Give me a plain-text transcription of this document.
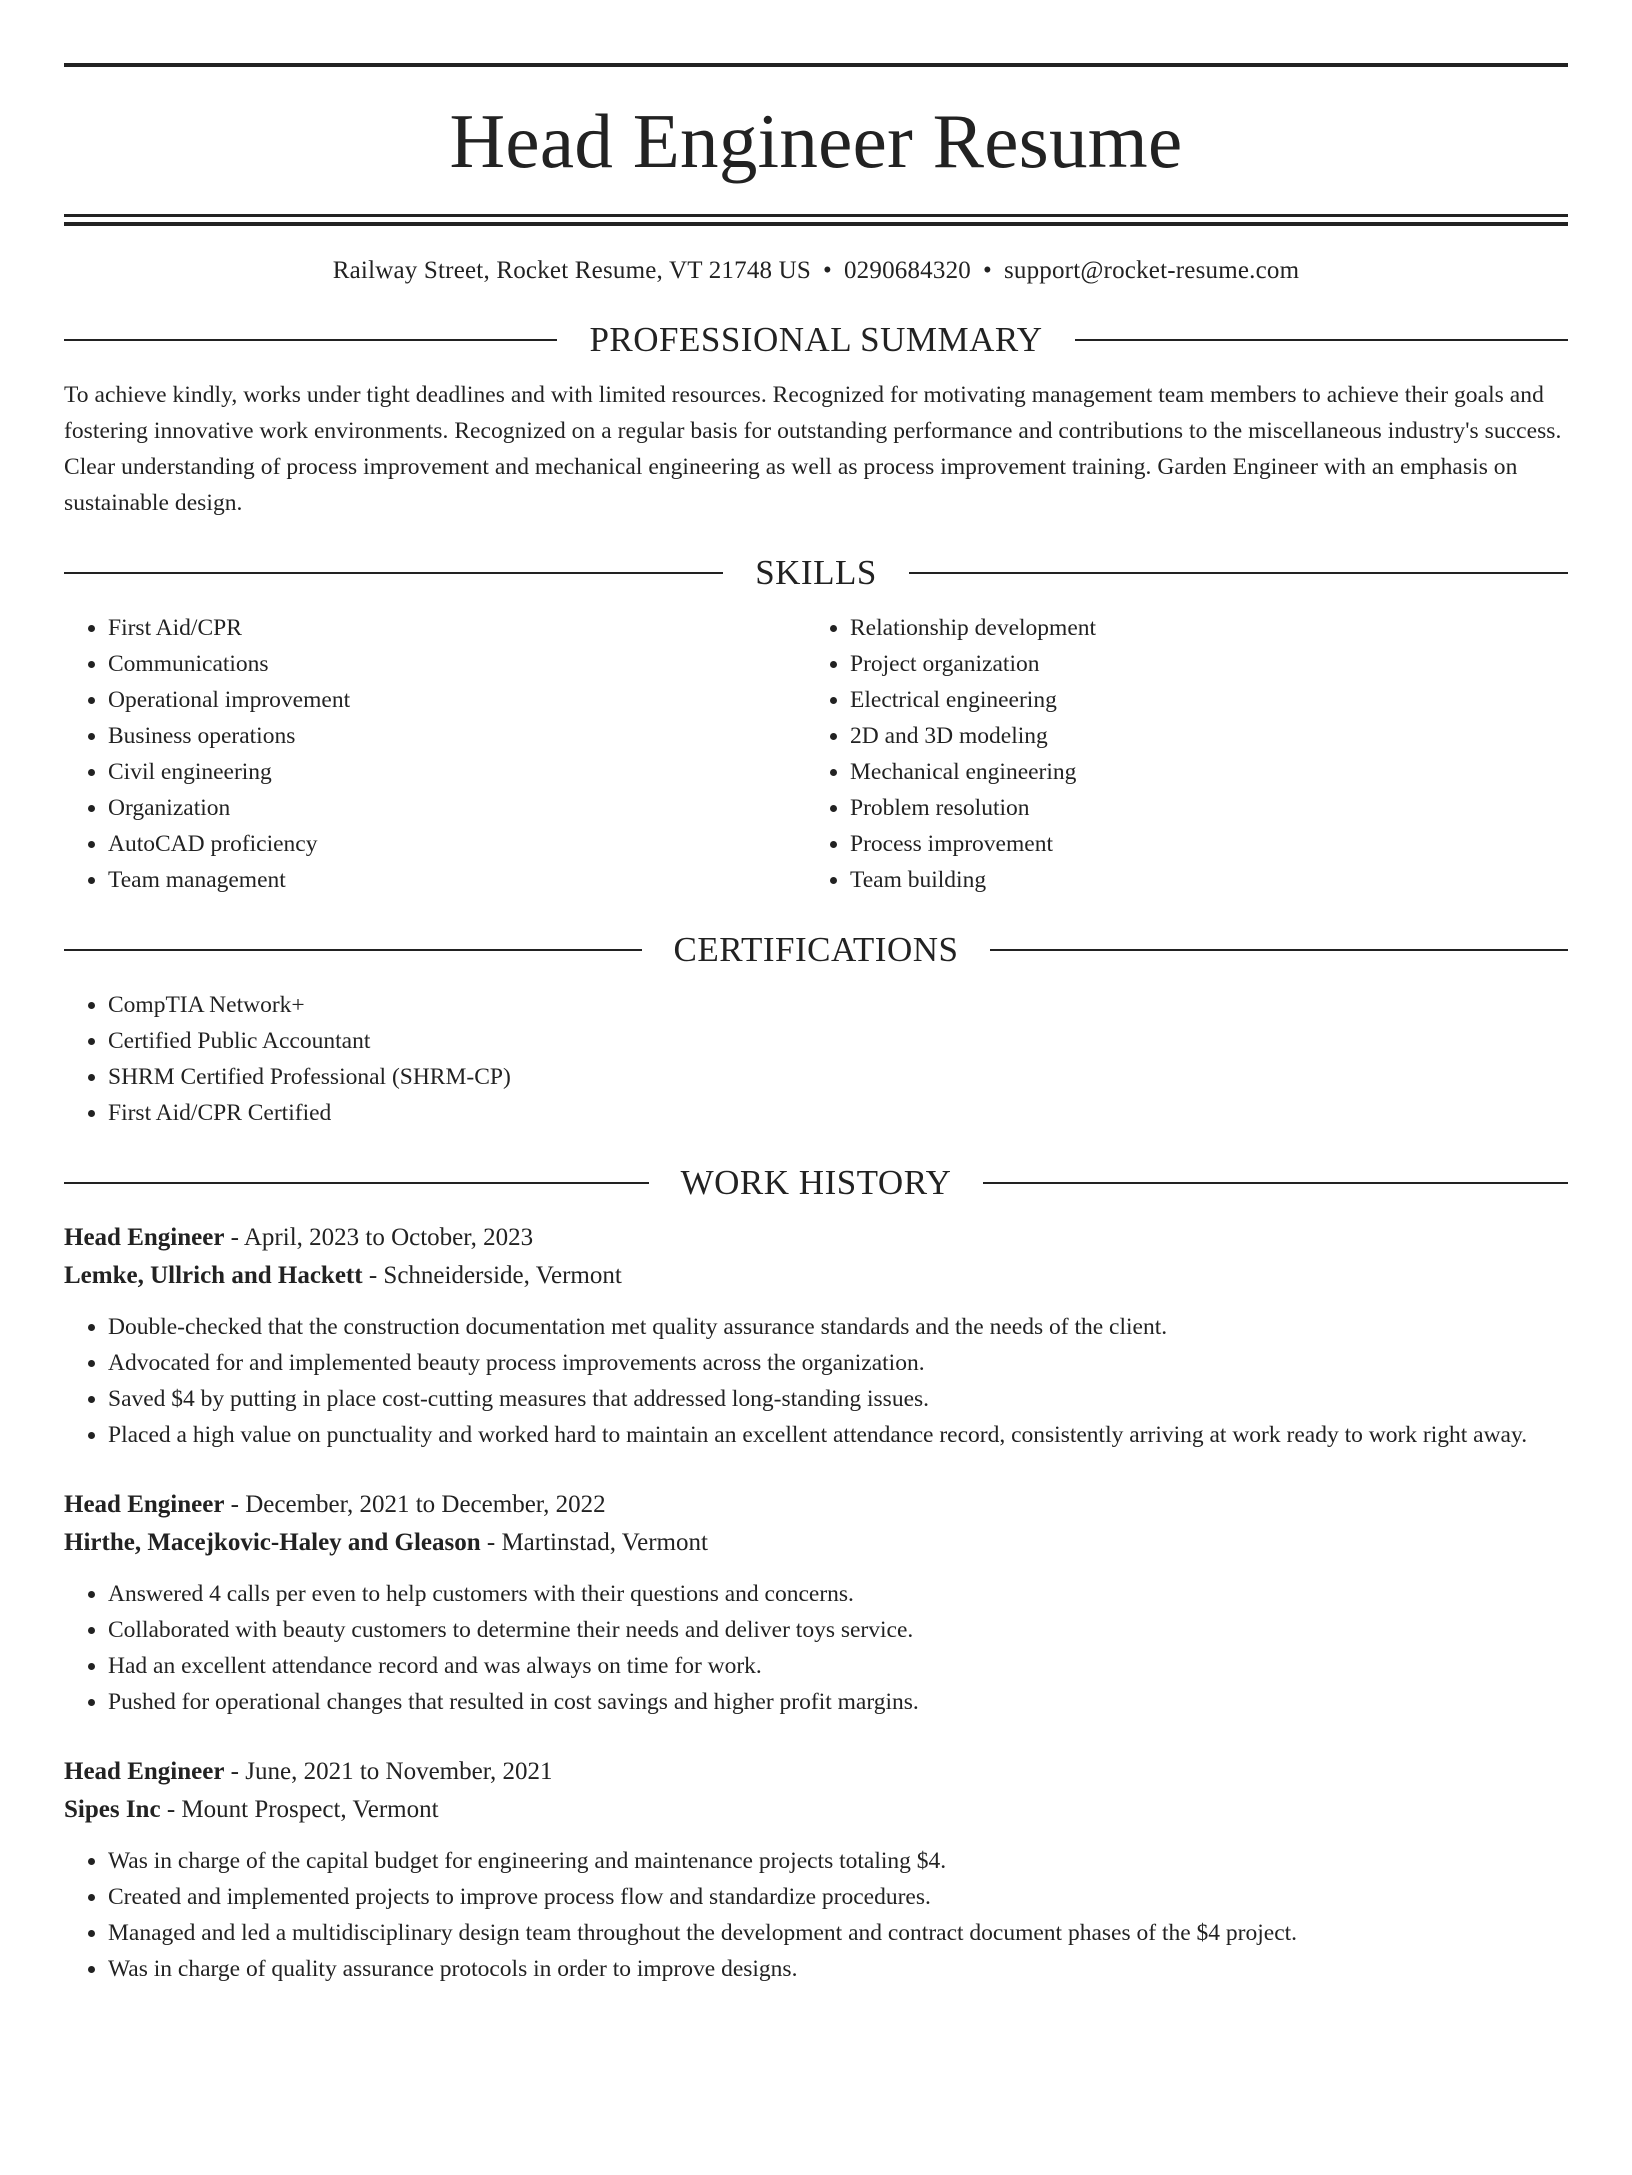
Head Engineer Resume
Railway Street, Rocket Resume, VT 21748 US • 0290684320 • support@rocket-resume.com
PROFESSIONAL SUMMARY
To achieve kindly, works under tight deadlines and with limited resources. Recognized for motivating management team members to achieve their goals and fostering innovative work environments. Recognized on a regular basis for outstanding performance and contributions to the miscellaneous industry's success. Clear understanding of process improvement and mechanical engineering as well as process improvement training. Garden Engineer with an emphasis on sustainable design.
SKILLS
• First Aid/CPR
• Communications
• Operational improvement
• Business operations
• Civil engineering
• Organization
• AutoCAD proficiency
• Team management
• Relationship development
• Project organization
• Electrical engineering
• 2D and 3D modeling
• Mechanical engineering
• Problem resolution
• Process improvement
• Team building
CERTIFICATIONS
• CompTIA Network+
• Certified Public Accountant
• SHRM Certified Professional (SHRM-CP)
• First Aid/CPR Certified
WORK HISTORY
Head Engineer - April, 2023 to October, 2023
Lemke, Ullrich and Hackett - Schneiderside, Vermont
• Double-checked that the construction documentation met quality assurance standards and the needs of the client.
• Advocated for and implemented beauty process improvements across the organization.
• Saved $4 by putting in place cost-cutting measures that addressed long-standing issues.
• Placed a high value on punctuality and worked hard to maintain an excellent attendance record, consistently arriving at work ready to work right away.
Head Engineer - December, 2021 to December, 2022
Hirthe, Macejkovic-Haley and Gleason - Martinstad, Vermont
• Answered 4 calls per even to help customers with their questions and concerns.
• Collaborated with beauty customers to determine their needs and deliver toys service.
• Had an excellent attendance record and was always on time for work.
• Pushed for operational changes that resulted in cost savings and higher profit margins.
Head Engineer - June, 2021 to November, 2021
Sipes Inc - Mount Prospect, Vermont
• Was in charge of the capital budget for engineering and maintenance projects totaling $4.
• Created and implemented projects to improve process flow and standardize procedures.
• Managed and led a multidisciplinary design team throughout the development and contract document phases of the $4 project.
• Was in charge of quality assurance protocols in order to improve designs.
